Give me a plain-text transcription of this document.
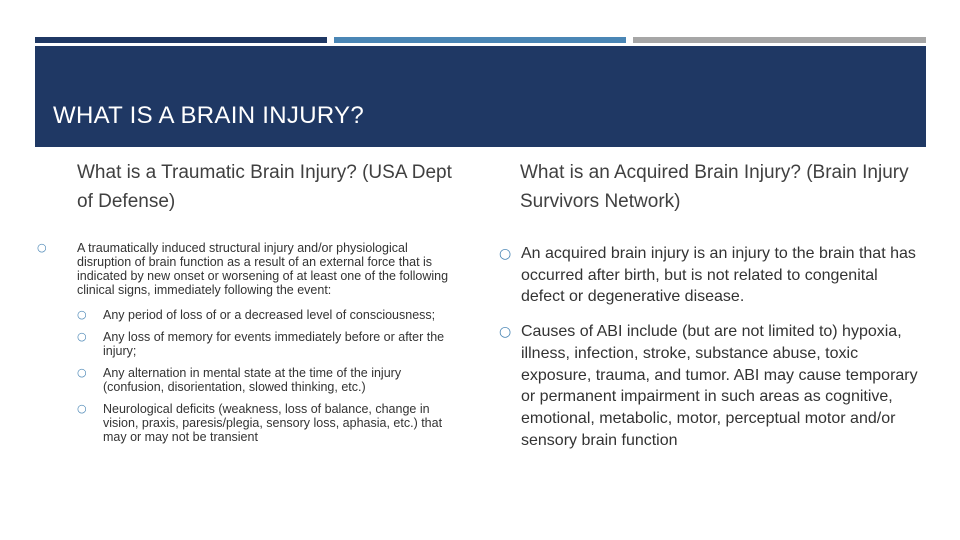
WHAT IS A BRAIN INJURY?
What is a Traumatic Brain Injury? (USA Dept of Defense)
○ A traumatically induced structural injury and/or physiological disruption of brain function as a result of an external force that is indicated by new onset or worsening of at least one of the following clinical signs, immediately following the event:
○ Any period of loss of or a decreased level of consciousness;
○ Any loss of memory for events immediately before or after the injury;
○ Any alternation in mental state at the time of the injury (confusion, disorientation, slowed thinking, etc.)
○ Neurological deficits (weakness, loss of balance, change in vision, praxis, paresis/plegia, sensory loss, aphasia, etc.) that may or may not be transient
What is an Acquired Brain Injury? (Brain Injury Survivors Network)
○ An acquired brain injury is an injury to the brain that has occurred after birth, but is not related to congenital defect or degenerative disease.
○ Causes of ABI include (but are not limited to) hypoxia, illness, infection, stroke, substance abuse, toxic exposure, trauma, and tumor. ABI may cause temporary or permanent impairment in such areas as cognitive, emotional, metabolic, motor, perceptual motor and/or sensory brain function
